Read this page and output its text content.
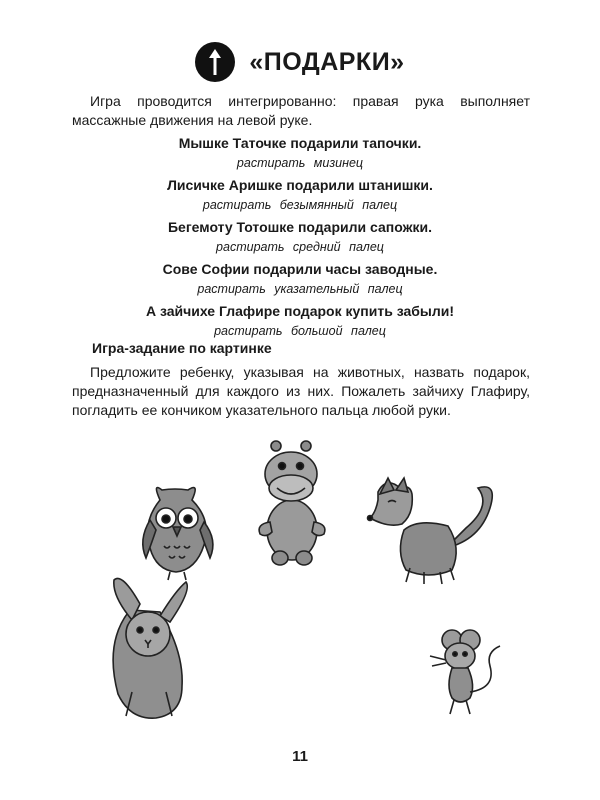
«ПОДАРКИ»
Игра проводится интегрированно: правая рука выполняет массажные движения на левой руке.
Мышке Таточке подарили тапочки.
растирать мизинец
Лисичке Аришке подарили штанишки.
растирать безымянный палец
Бегемоту Тотошке подарили сапожки.
растирать средний палец
Сове Софии подарили часы заводные.
растирать указательный палец
А зайчихе Глафире подарок купить забыли!
растирать большой палец
Игра-задание по картинке
Предложите ребенку, указывая на животных, назвать подарок, предназначенный для каждого из них. Пожалеть зайчиху Глафиру, погладить ее кончиком указательного пальца любой руки.
11
